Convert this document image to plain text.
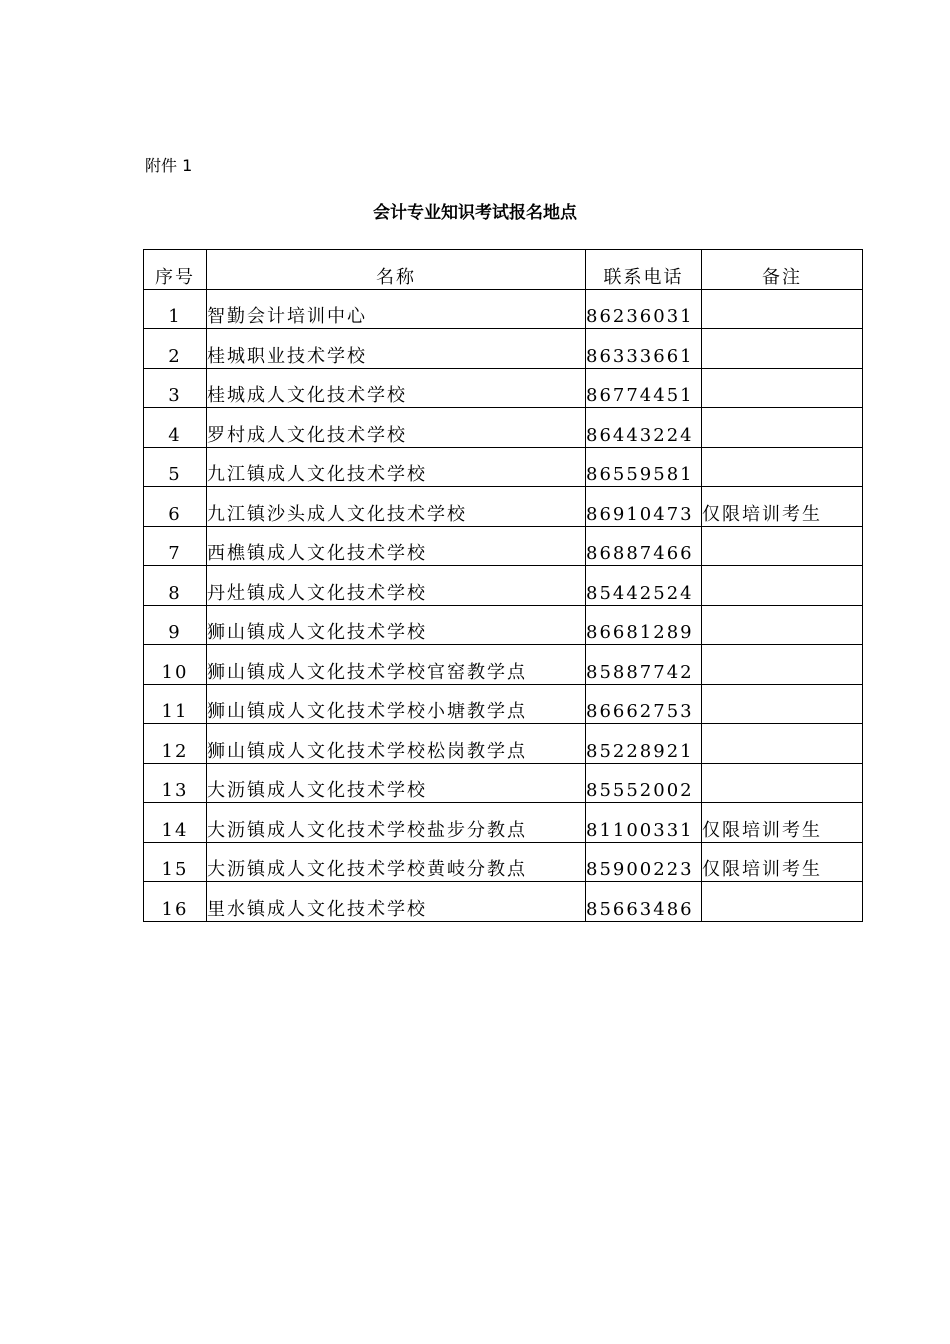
附件 1
会计专业知识考试报名地点
序号	名称	联系电话	备注
1	智勤会计培训中心	86236031	
2	桂城职业技术学校	86333661	
3	桂城成人文化技术学校	86774451	
4	罗村成人文化技术学校	86443224	
5	九江镇成人文化技术学校	86559581	
6	九江镇沙头成人文化技术学校	86910473	仅限培训考生
7	西樵镇成人文化技术学校	86887466	
8	丹灶镇成人文化技术学校	85442524	
9	狮山镇成人文化技术学校	86681289	
10	狮山镇成人文化技术学校官窑教学点	85887742	
11	狮山镇成人文化技术学校小塘教学点	86662753	
12	狮山镇成人文化技术学校松岗教学点	85228921	
13	大沥镇成人文化技术学校	85552002	
14	大沥镇成人文化技术学校盐步分教点	81100331	仅限培训考生
15	大沥镇成人文化技术学校黄岐分教点	85900223	仅限培训考生
16	里水镇成人文化技术学校	85663486	
